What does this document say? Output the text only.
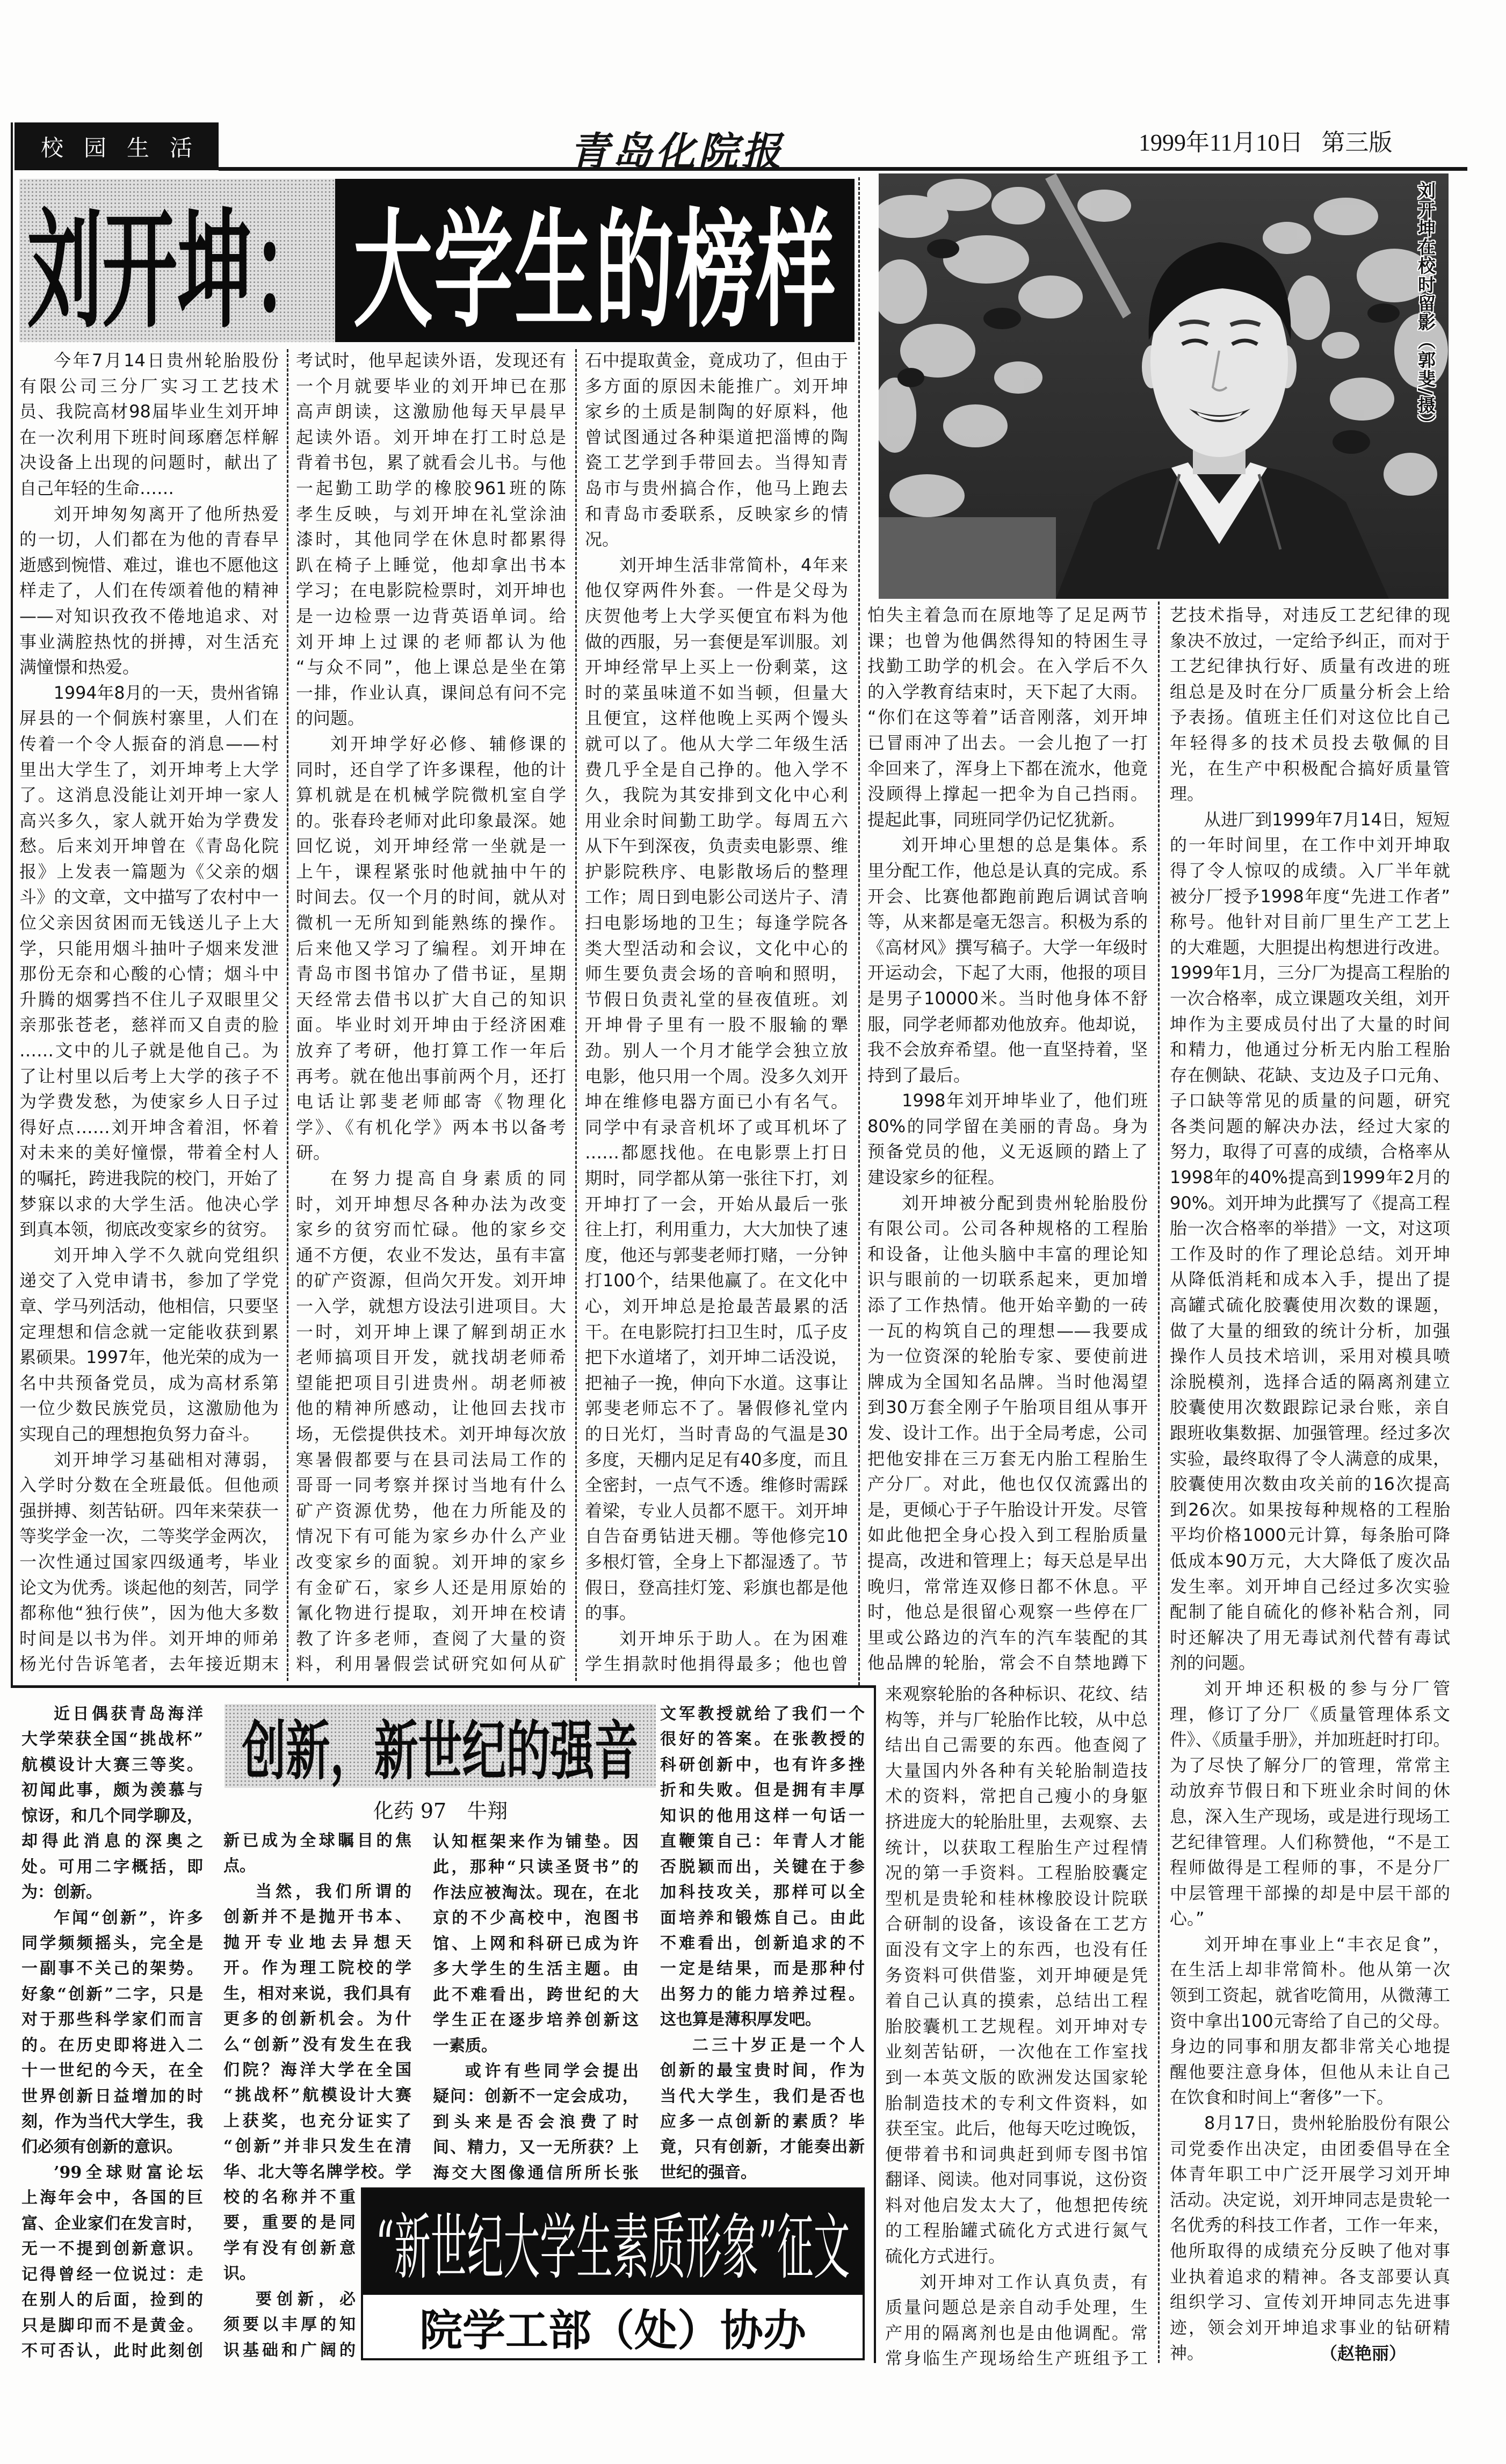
校园生活	青岛化院报	1999年11月10日 第三版
刘开坤： 大学生的榜样	刘开坤在校时留影（郭斐/摄）
今年7月14日贵州轮胎股份
有限公司三分厂实习工艺技术
员、我院高材98届毕业生刘开坤
在一次利用下班时间琢磨怎样解
决设备上出现的问题时，献出了
自己年轻的生命……
刘开坤匆匆离开了他所热爱
的一切，人们都在为他的青春早
逝感到惋惜、难过，谁也不愿他这
样走了，人们在传颂着他的精神
——对知识孜孜不倦地追求、对
事业满腔热忱的拼搏，对生活充
满憧憬和热爱。
1994年8月的一天，贵州省锦
屏县的一个侗族村寨里，人们在
传着一个令人振奋的消息——村
里出大学生了，刘开坤考上大学
了。这消息没能让刘开坤一家人
高兴多久，家人就开始为学费发
愁。后来刘开坤曾在《青岛化院
报》上发表一篇题为《父亲的烟
斗》的文章，文中描写了农村中一
位父亲因贫困而无钱送儿子上大
学，只能用烟斗抽叶子烟来发泄
那份无奈和心酸的心情；烟斗中
升腾的烟雾挡不住儿子双眼里父
亲那张苍老，慈祥而又自责的脸
……文中的儿子就是他自己。为
了让村里以后考上大学的孩子不
为学费发愁，为使家乡人日子过
得好点……刘开坤含着泪，怀着
对未来的美好憧憬，带着全村人
的嘱托，跨进我院的校门，开始了
梦寐以求的大学生活。他决心学
到真本领，彻底改变家乡的贫穷。
刘开坤入学不久就向党组织
递交了入党申请书，参加了学党
章、学马列活动，他相信，只要坚
定理想和信念就一定能收获到累
累硕果。1997年，他光荣的成为一
名中共预备党员，成为高材系第
一位少数民族党员，这激励他为
实现自己的理想抱负努力奋斗。
刘开坤学习基础相对薄弱，
入学时分数在全班最低。但他顽
强拼搏、刻苦钻研。四年来荣获一
等奖学金一次，二等奖学金两次，
一次性通过国家四级通考，毕业
论文为优秀。谈起他的刻苦，同学
都称他“独行侠”，因为他大多数
时间是以书为伴。刘开坤的师弟
杨光付告诉笔者，去年接近期末
考试时，他早起读外语，发现还有
一个月就要毕业的刘开坤已在那
高声朗读，这激励他每天早晨早
起读外语。刘开坤在打工时总是
背着书包，累了就看会儿书。与他
一起勤工助学的橡胶961班的陈
孝生反映，与刘开坤在礼堂涂油
漆时，其他同学在休息时都累得
趴在椅子上睡觉，他却拿出书本
学习；在电影院检票时，刘开坤也
是一边检票一边背英语单词。给
刘开坤上过课的老师都认为他
“与众不同”，他上课总是坐在第
一排，作业认真，课间总有问不完
的问题。
刘开坤学好必修、辅修课的
同时，还自学了许多课程，他的计
算机就是在机械学院微机室自学
的。张春玲老师对此印象最深。她
回忆说，刘开坤经常一坐就是一
上午，课程紧张时他就抽中午的
时间去。仅一个月的时间，就从对
微机一无所知到能熟练的操作。
后来他又学习了编程。刘开坤在
青岛市图书馆办了借书证，星期
天经常去借书以扩大自己的知识
面。毕业时刘开坤由于经济困难
放弃了考研，他打算工作一年后
再考。就在他出事前两个月，还打
电话让郭斐老师邮寄《物理化
学》、《有机化学》两本书以备考
研。
在努力提高自身素质的同
时，刘开坤想尽各种办法为改变
家乡的贫穷而忙碌。他的家乡交
通不方便，农业不发达，虽有丰富
的矿产资源，但尚欠开发。刘开坤
一入学，就想方设法引进项目。大
一时，刘开坤上课了解到胡正水
老师搞项目开发，就找胡老师希
望能把项目引进贵州。胡老师被
他的精神所感动，让他回去找市
场，无偿提供技术。刘开坤每次放
寒暑假都要与在县司法局工作的
哥哥一同考察并探讨当地有什么
矿产资源优势，他在力所能及的
情况下有可能为家乡办什么产业
改变家乡的面貌。刘开坤的家乡
有金矿石，家乡人还是用原始的
氰化物进行提取，刘开坤在校请
教了许多老师，查阅了大量的资
料，利用暑假尝试研究如何从矿
石中提取黄金，竟成功了，但由于
多方面的原因未能推广。刘开坤
家乡的土质是制陶的好原料，他
曾试图通过各种渠道把淄博的陶
瓷工艺学到手带回去。当得知青
岛市与贵州搞合作，他马上跑去
和青岛市委联系，反映家乡的情
况。
刘开坤生活非常简朴，4年来
他仅穿两件外套。一件是父母为
庆贺他考上大学买便宜布料为他
做的西服，另一套便是军训服。刘
开坤经常早上买上一份剩菜，这
时的菜虽味道不如当顿，但量大
且便宜，这样他晚上买两个馒头
就可以了。他从大学二年级生活
费几乎全是自己挣的。他入学不
久，我院为其安排到文化中心利
用业余时间勤工助学。每周五六
从下午到深夜，负责卖电影票、维
护影院秩序、电影散场后的整理
工作；周日到电影公司送片子、清
扫电影场地的卫生；每逢学院各
类大型活动和会议，文化中心的
师生要负责会场的音响和照明，
节假日负责礼堂的昼夜值班。刘
开坤骨子里有一股不服输的犟
劲。别人一个月才能学会独立放
电影，他只用一个周。没多久刘开
坤在维修电器方面已小有名气。
同学中有录音机坏了或耳机坏了
……都愿找他。在电影票上打日
期时，同学都从第一张往下打，刘
开坤打了一会，开始从最后一张
往上打，利用重力，大大加快了速
度，他还与郭斐老师打赌，一分钟
打100个，结果他赢了。在文化中
心，刘开坤总是抢最苦最累的活
干。在电影院打扫卫生时，瓜子皮
把下水道堵了，刘开坤二话没说，
把袖子一挽，伸向下水道。这事让
郭斐老师忘不了。暑假修礼堂内
的日光灯，当时青岛的气温是30
多度，天棚内足足有40多度，而且
全密封，一点气不透。维修时需踩
着梁，专业人员都不愿干。刘开坤
自告奋勇钻进天棚。等他修完10
多根灯管，全身上下都湿透了。节
假日，登高挂灯笼、彩旗也都是他
的事。
刘开坤乐于助人。在为困难
学生捐款时他捐得最多；他也曾
怕失主着急而在原地等了足足两节
课；也曾为他偶然得知的特困生寻
找勤工助学的机会。在入学后不久
的入学教育结束时，天下起了大雨。
“你们在这等着”话音刚落，刘开坤
已冒雨冲了出去。一会儿抱了一打
伞回来了，浑身上下都在流水，他竟
没顾得上撑起一把伞为自己挡雨。
提起此事，同班同学仍记忆犹新。
刘开坤心里想的总是集体。系
里分配工作，他总是认真的完成。系
开会、比赛他都跑前跑后调试音响
等，从来都是毫无怨言。积极为系的
《高材风》撰写稿子。大学一年级时
开运动会，下起了大雨，他报的项目
是男子10000米。当时他身体不舒
服，同学老师都劝他放弃。他却说，
我不会放弃希望。他一直坚持着，坚
持到了最后。
1998年刘开坤毕业了，他们班
80%的同学留在美丽的青岛。身为
预备党员的他，义无返顾的踏上了
建设家乡的征程。
刘开坤被分配到贵州轮胎股份
有限公司。公司各种规格的工程胎
和设备，让他头脑中丰富的理论知
识与眼前的一切联系起来，更加增
添了工作热情。他开始辛勤的一砖
一瓦的构筑自己的理想——我要成
为一位资深的轮胎专家、要使前进
牌成为全国知名品牌。当时他渴望
到30万套全刚子午胎项目组从事开
发、设计工作。出于全局考虑，公司
把他安排在三万套无内胎工程胎生
产分厂。对此，他也仅仅流露出的
是，更倾心于子午胎设计开发。尽管
如此他把全身心投入到工程胎质量
提高，改进和管理上；每天总是早出
晚归，常常连双修日都不休息。平
时，他总是很留心观察一些停在厂
里或公路边的汽车的汽车装配的其
他品牌的轮胎，常会不自禁地蹲下
来观察轮胎的各种标识、花纹、结
构等，并与厂轮胎作比较，从中总
结出自己需要的东西。他查阅了
大量国内外各种有关轮胎制造技
术的资料，常把自己瘦小的身躯
挤进庞大的轮胎肚里，去观察、去
统计，以获取工程胎生产过程情
况的第一手资料。工程胎胶囊定
型机是贵轮和桂林橡胶设计院联
合研制的设备，该设备在工艺方
面没有文字上的东西，也没有任
务资料可供借鉴，刘开坤硬是凭
着自己认真的摸索，总结出工程
胎胶囊机工艺规程。刘开坤对专
业刻苦钻研，一次他在工作室找
到一本英文版的欧洲发达国家轮
胎制造技术的专利文件资料，如
获至宝。此后，他每天吃过晚饭，
便带着书和词典赶到师专图书馆
翻译、阅读。他对同事说，这份资
料对他启发太大了，他想把传统
的工程胎罐式硫化方式进行氮气
硫化方式进行。
刘开坤对工作认真负责，有
质量问题总是亲自动手处理，生
产用的隔离剂也是由他调配。常
常身临生产现场给生产班组予工
艺技术指导，对违反工艺纪律的现
象决不放过，一定给予纠正，而对于
工艺纪律执行好、质量有改进的班
组总是及时在分厂质量分析会上给
予表扬。值班主任们对这位比自己
年轻得多的技术员投去敬佩的目
光，在生产中积极配合搞好质量管
理。
从进厂到1999年7月14日，短短
的一年时间里，在工作中刘开坤取
得了令人惊叹的成绩。入厂半年就
被分厂授予1998年度“先进工作者”
称号。他针对目前厂里生产工艺上
的大难题，大胆提出构想进行改进。
1999年1月，三分厂为提高工程胎的
一次合格率，成立课题攻关组，刘开
坤作为主要成员付出了大量的时间
和精力，他通过分析无内胎工程胎
存在侧缺、花缺、支边及子口元角、
子口缺等常见的质量的问题，研究
各类问题的解决办法，经过大家的
努力，取得了可喜的成绩，合格率从
1998年的40%提高到1999年2月的
90%。刘开坤为此撰写了《提高工程
胎一次合格率的举措》一文，对这项
工作及时的作了理论总结。刘开坤
从降低消耗和成本入手，提出了提
高罐式硫化胶囊使用次数的课题，
做了大量的细致的统计分析，加强
操作人员技术培训，采用对模具喷
涂脱模剂，选择合适的隔离剂建立
胶囊使用次数跟踪记录台账，亲自
跟班收集数据、加强管理。经过多次
实验，最终取得了令人满意的成果，
胶囊使用次数由攻关前的16次提高
到26次。如果按每种规格的工程胎
平均价格1000元计算，每条胎可降
低成本90万元，大大降低了废次品
发生率。刘开坤自己经过多次实验
配制了能自硫化的修补粘合剂，同
时还解决了用无毒试剂代替有毒试
剂的问题。
刘开坤还积极的参与分厂管
理，修订了分厂《质量管理体系文
件》、《质量手册》，并加班赶时打印。
为了尽快了解分厂的管理，常常主
动放弃节假日和下班业余时间的休
息，深入生产现场，或是进行现场工
艺纪律管理。人们称赞他，“不是工
程师做得是工程师的事，不是分厂
中层管理干部操的却是中层干部的
心。”
刘开坤在事业上“丰衣足食”，
在生活上却非常简朴。他从第一次
领到工资起，就省吃简用，从微薄工
资中拿出100元寄给了自己的父母。
身边的同事和朋友都非常关心地提
醒他要注意身体，但他从未让自己
在饮食和时间上“奢侈”一下。
8月17日，贵州轮胎股份有限公
司党委作出决定，由团委倡导在全
体青年职工中广泛开展学习刘开坤
活动。决定说，刘开坤同志是贵轮一
名优秀的科技工作者，工作一年来，
他所取得的成绩充分反映了他对事
业执着追求的精神。各支部要认真
组织学习、宣传刘开坤同志先进事
迹，领会刘开坤追求事业的钻研精
神。	（赵艳丽）
创新，新世纪的强音
化药 97　牛翔
近日偶获青岛海洋
大学荣获全国“挑战杯”
航模设计大赛三等奖。
初闻此事，颇为羡慕与
惊讶，和几个同学聊及，
却得此消息的深奥之
处。可用二字概括，即
为：创新。
乍闻“创新”，许多
同学频频摇头，完全是
一副事不关己的架势。
好象“创新”二字，只是
对于那些科学家们而言
的。在历史即将进入二
十一世纪的今天，在全
世界创新日益增加的时
刻，作为当代大学生，我
们必须有创新的意识。
’99全球财富论坛
上海年会中，各国的巨
富、企业家们在发言时，
无一不提到创新意识。
记得曾经一位说过：走
在别人的后面，捡到的
只是脚印而不是黄金。
不可否认，此时此刻创
新已成为全球瞩目的焦
点。
当然，我们所谓的
创新并不是抛开书本、
抛开专业地去异想天
开。作为理工院校的学
生，相对来说，我们具有
更多的创新机会。为什
么“创新”没有发生在我
们院？海洋大学在全国
“挑战杯”航模设计大赛
上获奖，也充分证实了
“创新”并非只发生在清
华、北大等名牌学校。学
校的名称并不重
要，重要的是同
学有没有创新意
识。
要创新，必
须要以丰厚的知
识基础和广阔的
认知框架来作为铺垫。因
此，那种“只读圣贤书”的
作法应被淘汰。现在，在北
京的不少高校中，泡图书
馆、上网和科研已成为许
多大学生的生活主题。由
此不难看出，跨世纪的大
学生正在逐步培养创新这
一素质。
或许有些同学会提出
疑问：创新不一定会成功，
到头来是否会浪费了时
间、精力，又一无所获？上
海交大图像通信所所长张
文军教授就给了我们一个
很好的答案。在张教授的
科研创新中，也有许多挫
折和失败。但是拥有丰厚
知识的他用这样一句话一
直鞭策自己：年青人才能
否脱颖而出，关键在于参
加科技攻关，那样可以全
面培养和锻炼自己。由此
不难看出，创新追求的不
一定是结果，而是那种付
出努力的能力培养过程。
这也算是薄积厚发吧。
二三十岁正是一个人
创新的最宝贵时间，作为
当代大学生，我们是否也
应多一点创新的素质？毕
竟，只有创新，才能奏出新
世纪的强音。
“新世纪大学生素质形象”征文
院学工部（处）协办
